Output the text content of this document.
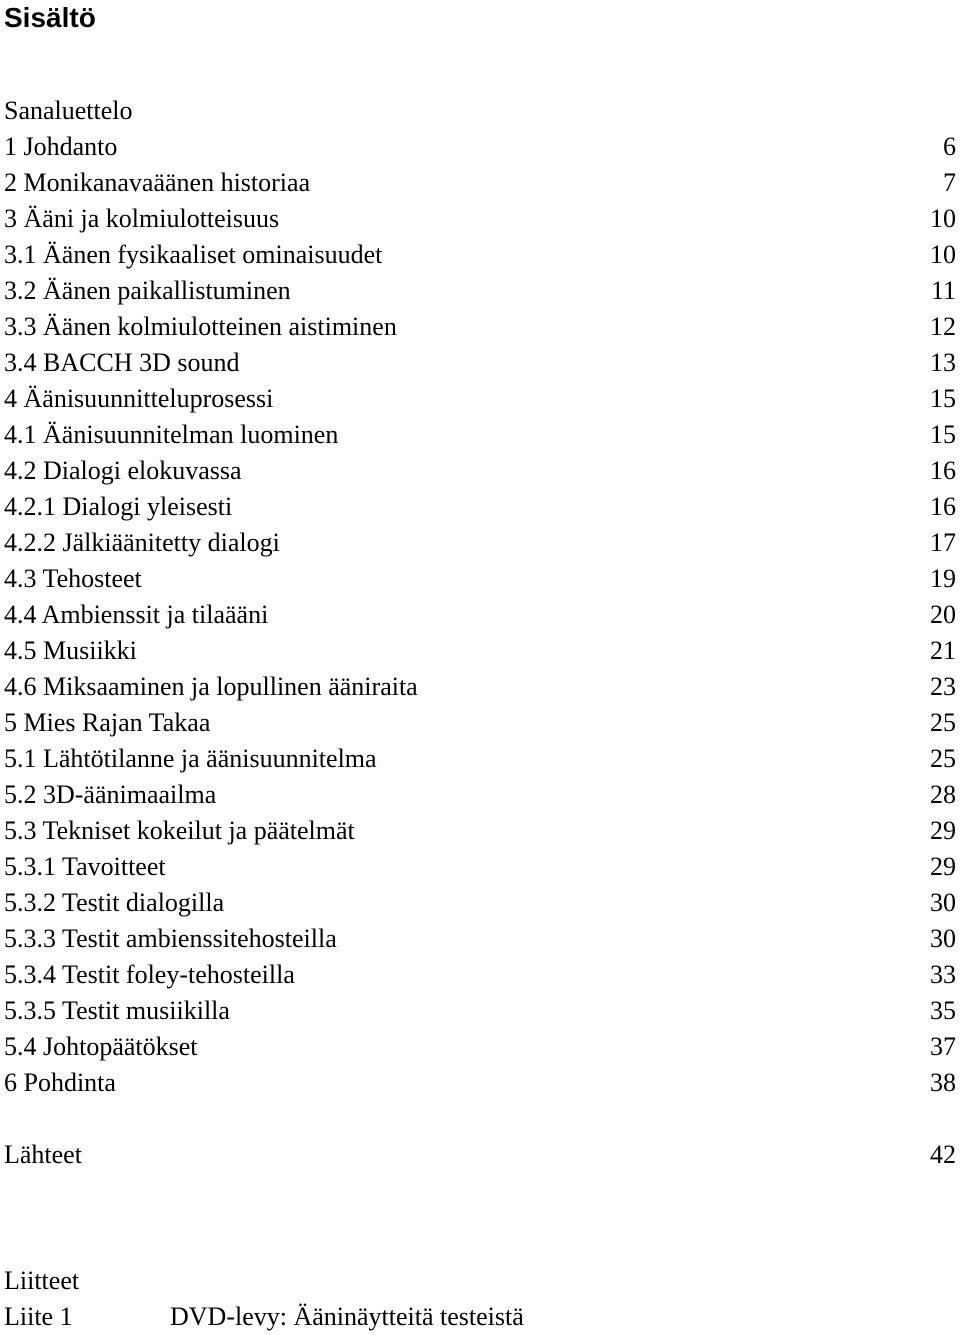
Sisältö
Sanaluettelo
1 Johdanto	6
2 Monikanavaäänen historiaa	7
3 Ääni ja kolmiulotteisuus	10
3.1 Äänen fysikaaliset ominaisuudet	10
3.2 Äänen paikallistuminen	11
3.3 Äänen kolmiulotteinen aistiminen	12
3.4 BACCH 3D sound	13
4 Äänisuunnitteluprosessi	15
4.1 Äänisuunnitelman luominen	15
4.2 Dialogi elokuvassa	16
4.2.1 Dialogi yleisesti	16
4.2.2 Jälkiäänitetty dialogi	17
4.3 Tehosteet	19
4.4 Ambienssit ja tilaääni	20
4.5 Musiikki	21
4.6 Miksaaminen ja lopullinen ääniraita	23
5 Mies Rajan Takaa	25
5.1 Lähtötilanne ja äänisuunnitelma	25
5.2 3D-äänimaailma	28
5.3 Tekniset kokeilut ja päätelmät	29
5.3.1 Tavoitteet	29
5.3.2 Testit dialogilla	30
5.3.3 Testit ambienssitehosteilla	30
5.3.4 Testit foley-tehosteilla	33
5.3.5 Testit musiikilla	35
5.4 Johtopäätökset	37
6 Pohdinta	38
Lähteet	42
Liitteet
Liite 1	DVD-levy: Ääninäytteitä testeistä
